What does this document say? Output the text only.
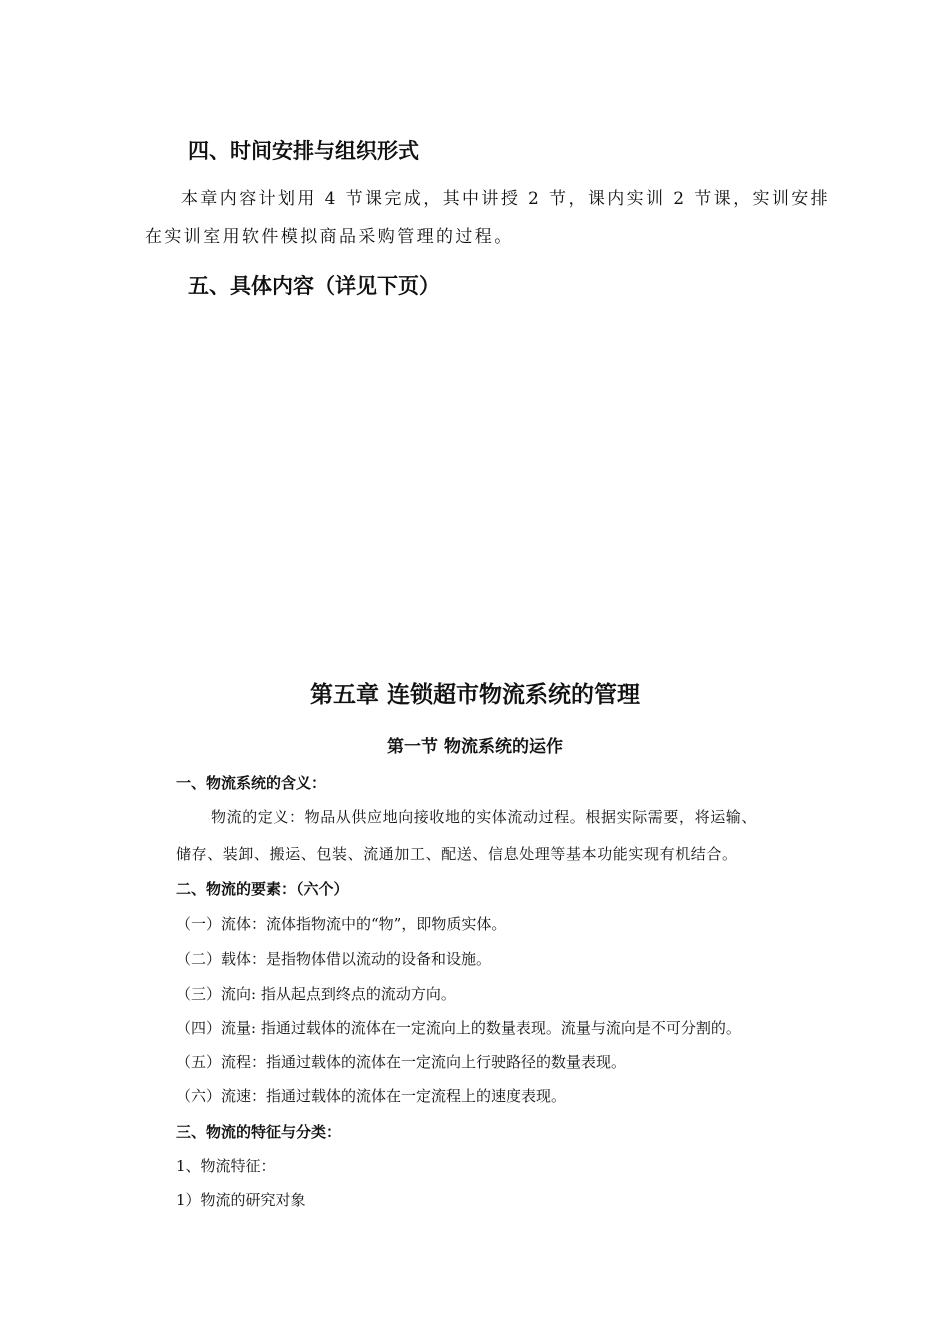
四、时间安排与组织形式
本章内容计划用 4 节课完成，其中讲授 2 节，课内实训 2 节课，实训安排
在实训室用软件模拟商品采购管理的过程。
五、具体内容（详见下页）
第五章 连锁超市物流系统的管理
第一节 物流系统的运作
一、物流系统的含义：
物流的定义：物品从供应地向接收地的实体流动过程。根据实际需要，将运输、
储存、装卸、搬运、包装、流通加工、配送、信息处理等基本功能实现有机结合。
二、物流的要素：（六个）
（一）流体：流体指物流中的“物”，即物质实体。
（二）载体：是指物体借以流动的设备和设施。
（三）流向: 指从起点到终点的流动方向。
（四）流量: 指通过载体的流体在一定流向上的数量表现。流量与流向是不可分割的。
（五）流程：指通过载体的流体在一定流向上行驶路径的数量表现。
（六）流速：指通过载体的流体在一定流程上的速度表现。
三、物流的特征与分类：
1、物流特征：
1）物流的研究对象
